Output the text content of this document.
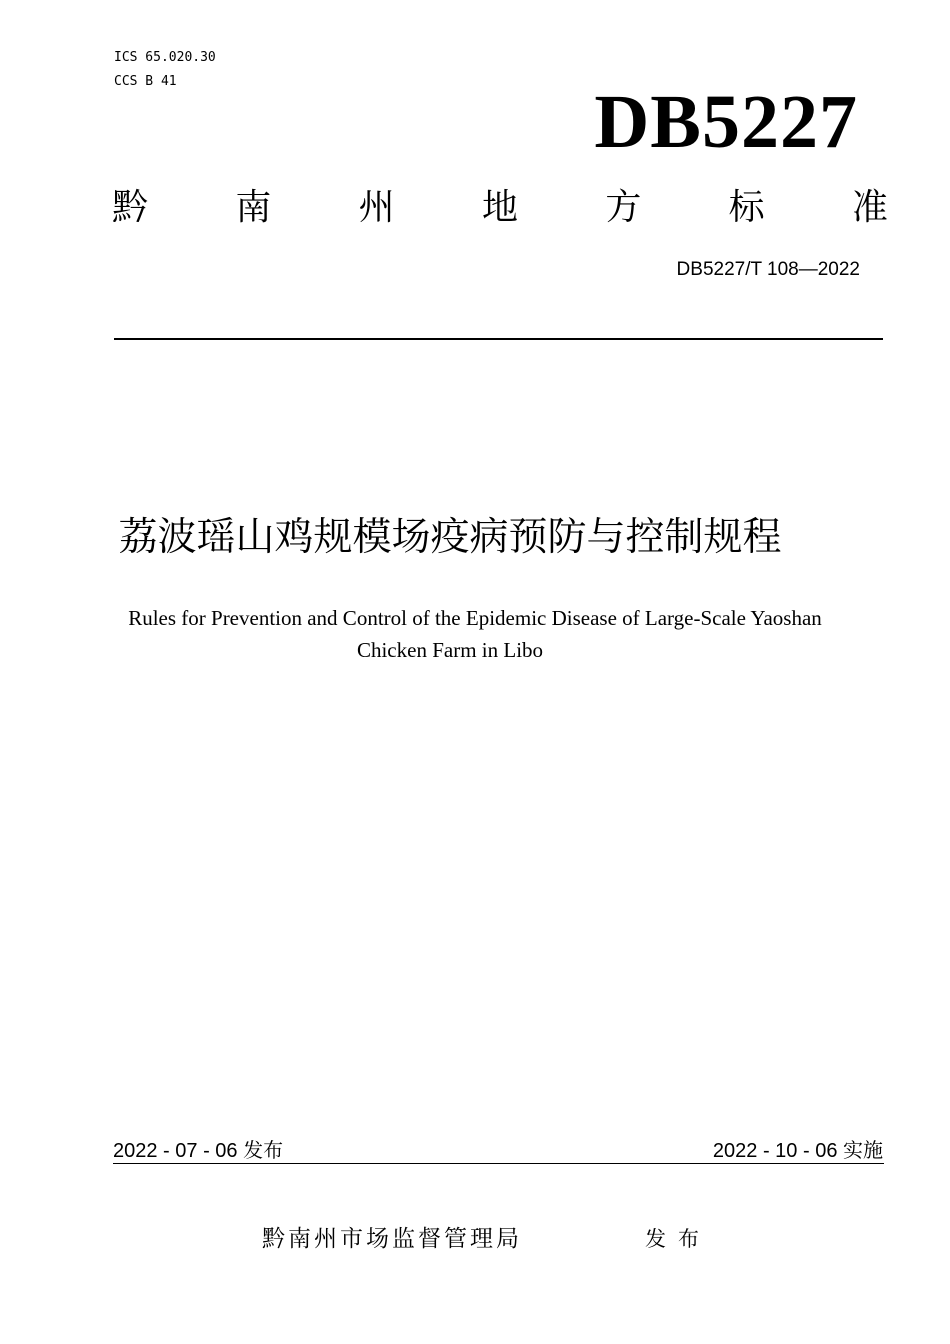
ICS 65.020.30
CCS B 41	DB5227
黔 南 州 地 方 标 准
DB5227/T 108—2022
荔波瑶山鸡规模场疫病预防与控制规程
Rules for Prevention and Control of the Epidemic Disease of Large-Scale Yaoshan
Chicken Farm in Libo
2022 - 07 - 06 发布	2022 - 10 - 06 实施
黔南州市场监督管理局	发布
